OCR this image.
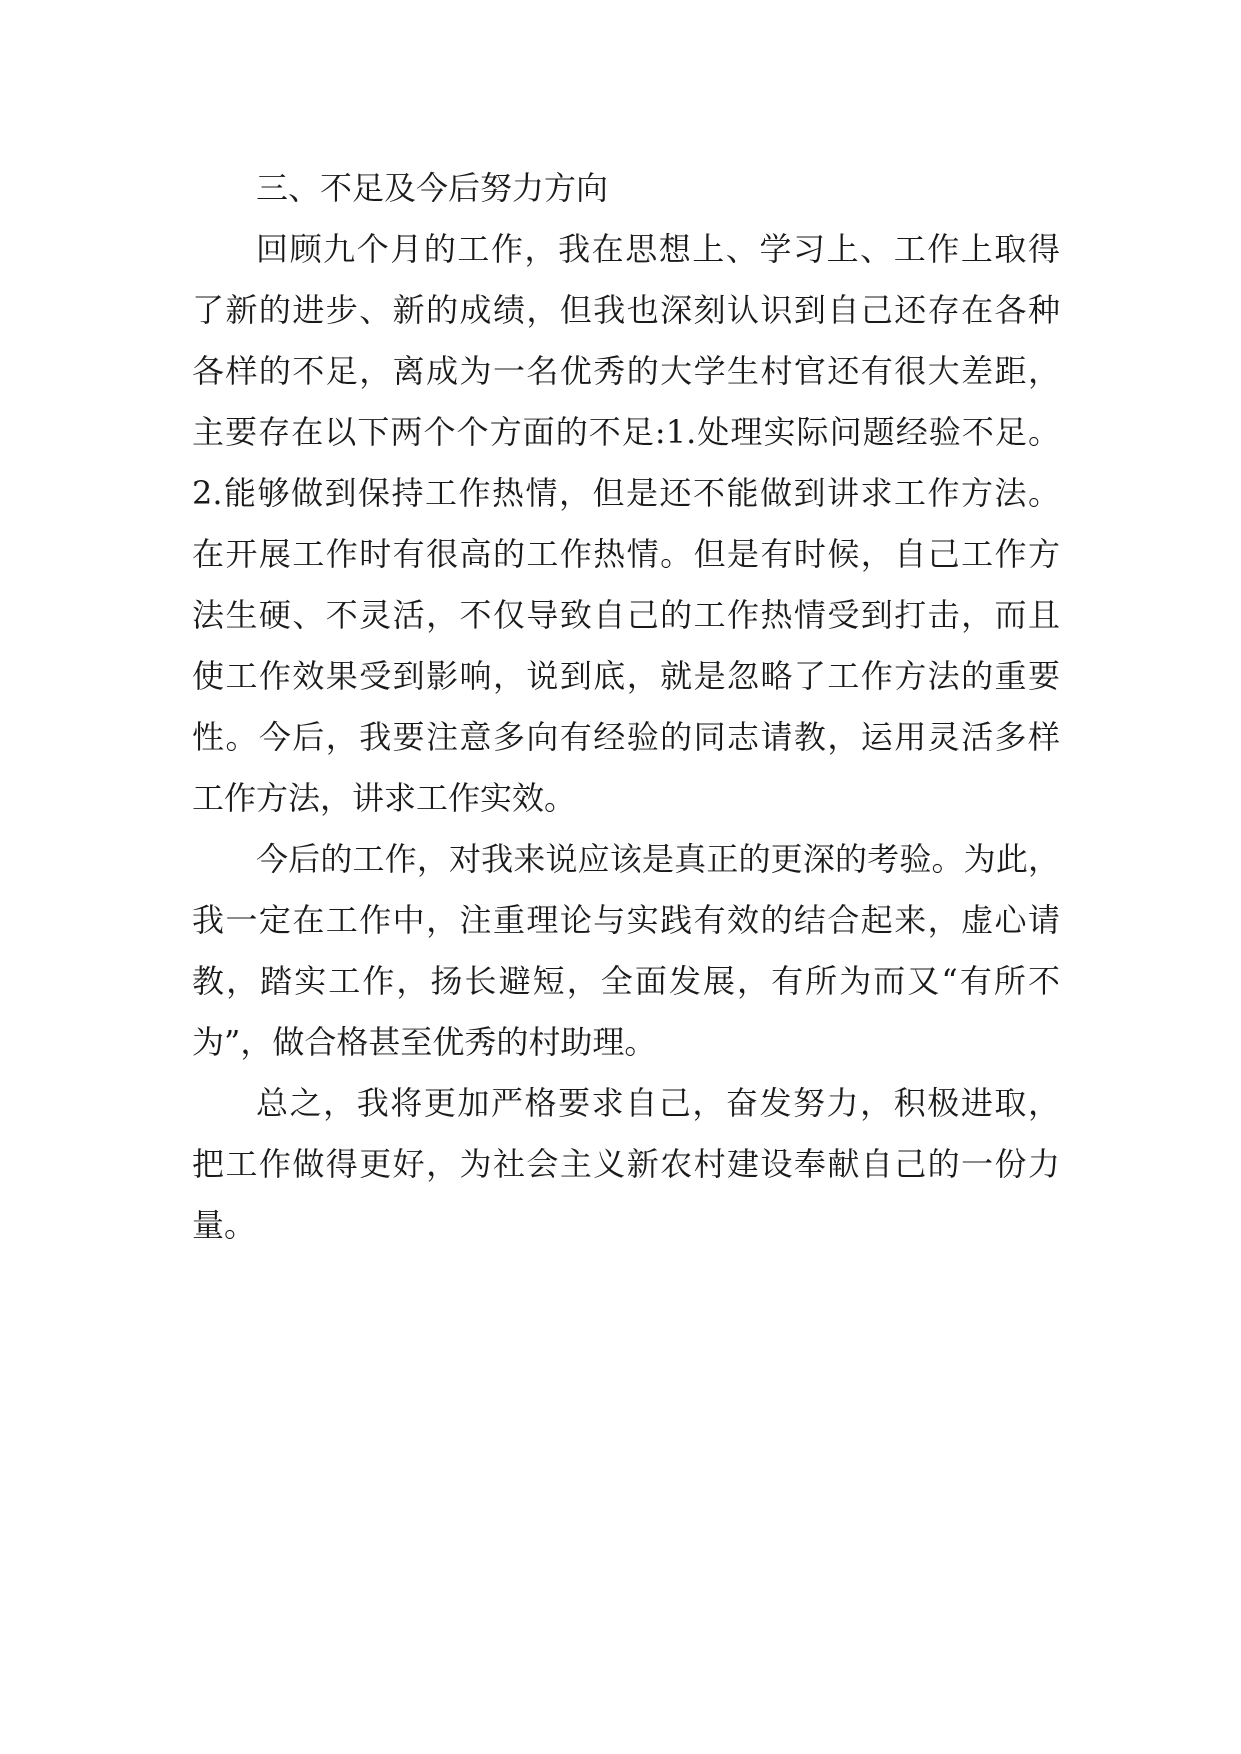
三、不足及今后努力方向
回顾九个月的工作，我在思想上、学习上、工作上取得
了新的进步、新的成绩，但我也深刻认识到自己还存在各种
各样的不足，离成为一名优秀的大学生村官还有很大差距，
主要存在以下两个个方面的不足:1.处理实际问题经验不足。
2.能够做到保持工作热情，但是还不能做到讲求工作方法。
在开展工作时有很高的工作热情。但是有时候，自己工作方
法生硬、不灵活，不仅导致自己的工作热情受到打击，而且
使工作效果受到影响，说到底，就是忽略了工作方法的重要
性。今后，我要注意多向有经验的同志请教，运用灵活多样
工作方法，讲求工作实效。
今后的工作，对我来说应该是真正的更深的考验。为此，
我一定在工作中，注重理论与实践有效的结合起来，虚心请
教，踏实工作，扬长避短，全面发展，有所为而又“有所不
为”，做合格甚至优秀的村助理。
总之，我将更加严格要求自己，奋发努力，积极进取，
把工作做得更好，为社会主义新农村建设奉献自己的一份力
量。
